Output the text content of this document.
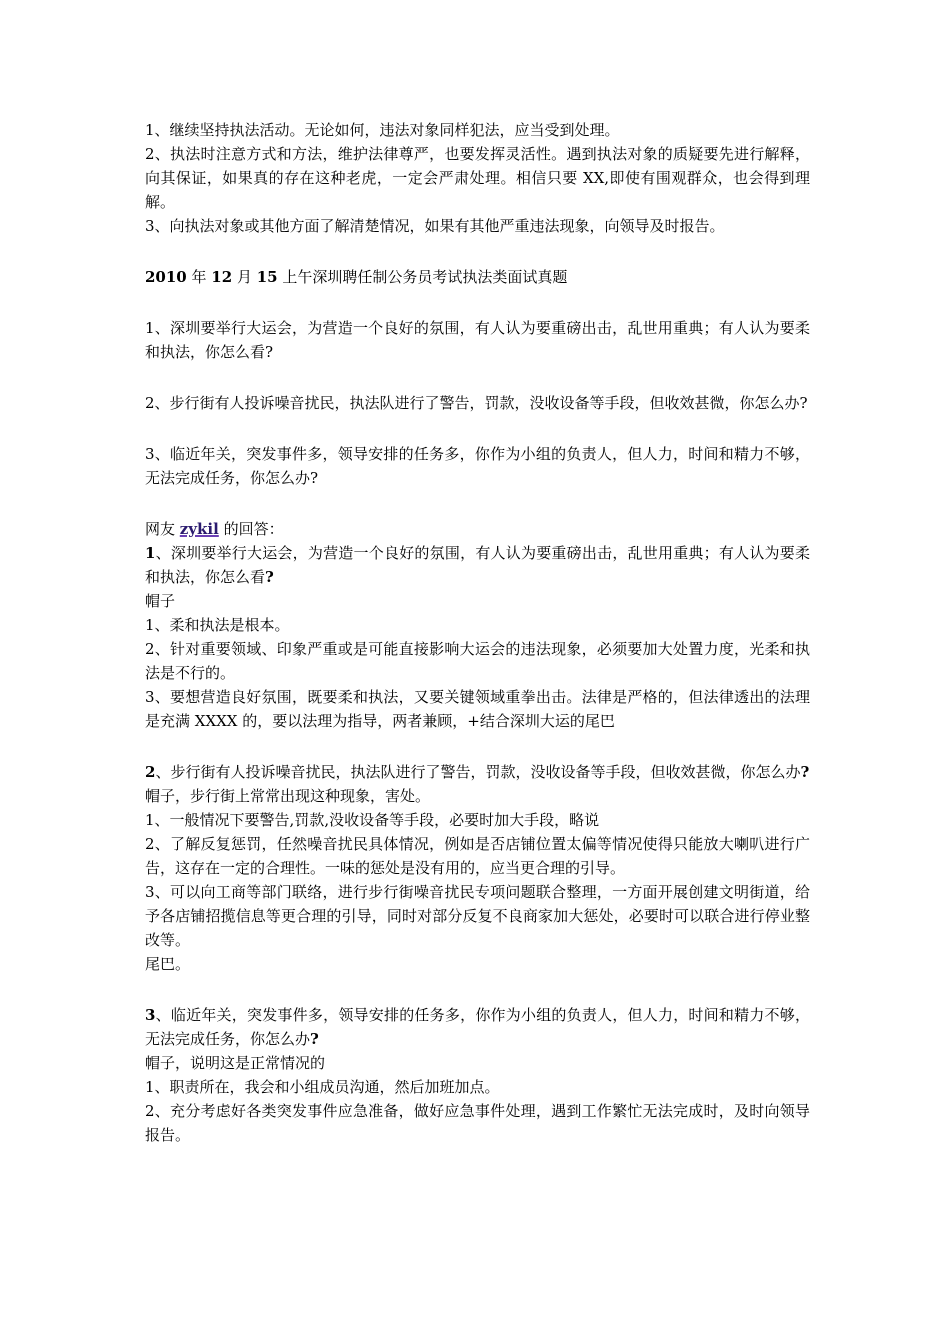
1、继续坚持执法活动。无论如何，违法对象同样犯法，应当受到处理。

2、执法时注意方式和方法，维护法律尊严，也要发挥灵活性。遇到执法对象的质疑要先进行解释，向其保证，如果真的存在这种老虎，一定会严肃处理。相信只要 XX,即使有围观群众，也会得到理解。

3、向执法对象或其他方面了解清楚情况，如果有其他严重违法现象，向领导及时报告。

2010 年 12 月 15 上午深圳聘任制公务员考试执法类面试真题

1、深圳要举行大运会，为营造一个良好的氛围，有人认为要重磅出击，乱世用重典；有人认为要柔和执法，你怎么看?

2、步行街有人投诉噪音扰民，执法队进行了警告，罚款，没收设备等手段，但收效甚微，你怎么办?

3、临近年关，突发事件多，领导安排的任务多，你作为小组的负责人，但人力，时间和精力不够，无法完成任务，你怎么办?

网友 zykil 的回答：

1、深圳要举行大运会，为营造一个良好的氛围，有人认为要重磅出击，乱世用重典；有人认为要柔和执法，你怎么看?

帽子

1、柔和执法是根本。

2、针对重要领域、印象严重或是可能直接影响大运会的违法现象，必须要加大处置力度，光柔和执法是不行的。

3、要想营造良好氛围，既要柔和执法，又要关键领域重拳出击。法律是严格的，但法律透出的法理是充满 XXXX 的，要以法理为指导，两者兼顾，+结合深圳大运的尾巴

2、步行街有人投诉噪音扰民，执法队进行了警告，罚款，没收设备等手段，但收效甚微，你怎么办?

帽子，步行街上常常出现这种现象，害处。

1、一般情况下要警告,罚款,没收设备等手段，必要时加大手段，略说

2、了解反复惩罚，任然噪音扰民具体情况，例如是否店铺位置太偏等情况使得只能放大喇叭进行广告，这存在一定的合理性。一味的惩处是没有用的，应当更合理的引导。

3、可以向工商等部门联络，进行步行街噪音扰民专项问题联合整理，一方面开展创建文明街道，给予各店铺招揽信息等更合理的引导，同时对部分反复不良商家加大惩处，必要时可以联合进行停业整改等。

尾巴。

3、临近年关，突发事件多，领导安排的任务多，你作为小组的负责人，但人力，时间和精力不够，无法完成任务，你怎么办?

帽子，说明这是正常情况的

1、职责所在，我会和小组成员沟通，然后加班加点。

2、充分考虑好各类突发事件应急准备，做好应急事件处理，遇到工作繁忙无法完成时，及时向领导报告。
